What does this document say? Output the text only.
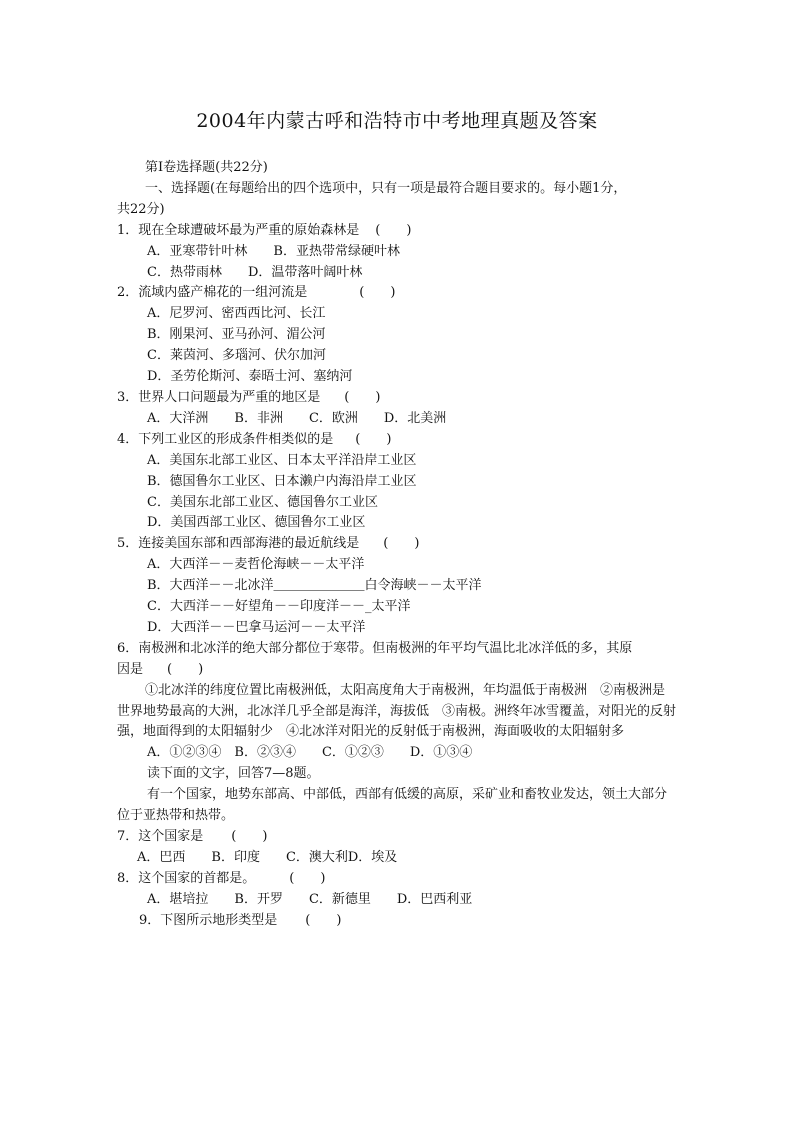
2004年内蒙古呼和浩特市中考地理真题及答案
第Ⅰ卷选择题(共22分)
一、选择题(在每题给出的四个选项中，只有一项是最符合题目要求的。每小题1分，
共22分)
1．现在全球遭破坏最为严重的原始森林是 (　　)
A．亚寒带针叶林　　B．亚热带常绿硬叶林
C．热带雨林　　D．温带落叶阔叶林
2．流域内盛产棉花的一组河流是	(　　)
A．尼罗河、密西西比河、长江
B．刚果河、亚马孙河、湄公河
C．莱茵河、多瑙河、伏尔加河
D．圣劳伦斯河、泰晤士河、塞纳河
3．世界人口问题最为严重的地区是 (　　)
A．大洋洲　　B．非洲　　C．欧洲　　D．北美洲
4．下列工业区的形成条件相类似的是 (　　)
A．美国东北部工业区、日本太平洋沿岸工业区
B．德国鲁尔工业区、日本濑户内海沿岸工业区
C．美国东北部工业区、德国鲁尔工业区
D．美国西部工业区、德国鲁尔工业区
5．连接美国东部和西部海港的最近航线是 (　　)
A．大西洋－－麦哲伦海峡－－太平洋
B．大西洋－－北冰洋＿＿＿＿＿＿＿白令海峡－－太平洋
C．大西洋－－好望角－－印度洋－－_太平洋
D．大西洋－－巴拿马运河－－太平洋
6．南极洲和北冰洋的绝大部分都位于寒带。但南极洲的年平均气温比北冰洋低的多，其原
因是 (　　)
①北冰洋的纬度位置比南极洲低，太阳高度角大于南极洲，年均温低于南极洲　②南极洲是世界地势最高的大洲，北冰洋几乎全部是海洋，海拔低　③南极。洲终年冰雪覆盖，对阳光的反射强，地面得到的太阳辐射少　④北冰洋对阳光的反射低于南极洲，海面吸收的太阳辐射多
A．①②③④　B．②③④　　C．①②③　　D．①③④
读下面的文字，回答7—8题。
有一个国家，地势东部高、中部低，西部有低缓的高原，采矿业和畜牧业发达，领土大部分位于亚热带和热带。
7．这个国家是 (　　)
A．巴西　　B．印度　　C．澳大利D．埃及
8．这个国家的首都是。	(　　)
A．堪培拉　　B．开罗　　C．新德里　　D．巴西利亚
9．下图所示地形类型是 (　　)
